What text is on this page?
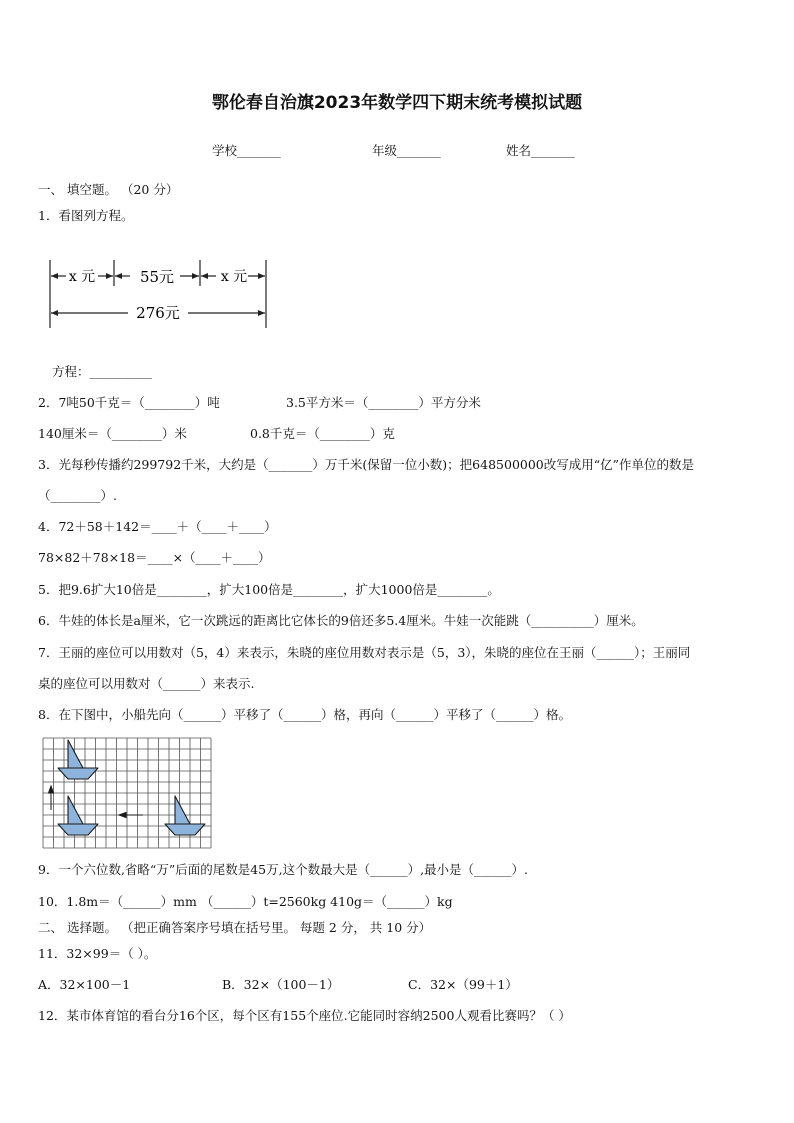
鄂伦春自治旗2023年数学四下期末统考模拟试题
学校_______	年级_______	姓名_______
一、 填空题。 （20 分）
1．看图列方程。
x 元	55元	x 元
276元
方程：__________
2．7吨50千克＝（________）吨	3.5平方米＝（________）平方分米
140厘米＝（________）米	0.8千克＝（________）克
3．光每秒传播约299792千米，大约是（_______）万千米(保留一位小数)；把648500000改写成用“亿”作单位的数是
（________）.
4．72＋58＋142＝____＋（____＋____）
78×82＋78×18＝____×（____＋____）
5．把9.6扩大10倍是________，扩大100倍是________，扩大1000倍是________。
6．牛娃的体长是a厘米，它一次跳远的距离比它体长的9倍还多5.4厘米。牛娃一次能跳（__________）厘米。
7．王丽的座位可以用数对（5，4）来表示，朱晓的座位用数对表示是（5，3），朱晓的座位在王丽（______）；王丽同
桌的座位可以用数对（______）来表示.
8．在下图中，小船先向（______）平移了（______）格，再向（______）平移了（______）格。
9．一个六位数,省略“万”后面的尾数是45万,这个数最大是（______）,最小是（______）.
10．1.8m＝（______）mm （______）t=2560kg 410g＝（______）kg
二、 选择题。 （把正确答案序号填在括号里。 每题 2 分， 共 10 分）
11．32×99＝（ ）。
A．32×100－1	B．32×（100－1）	C．32×（99＋1）
12．某市体育馆的看台分16个区，每个区有155个座位.它能同时容纳2500人观看比赛吗？（ ）
